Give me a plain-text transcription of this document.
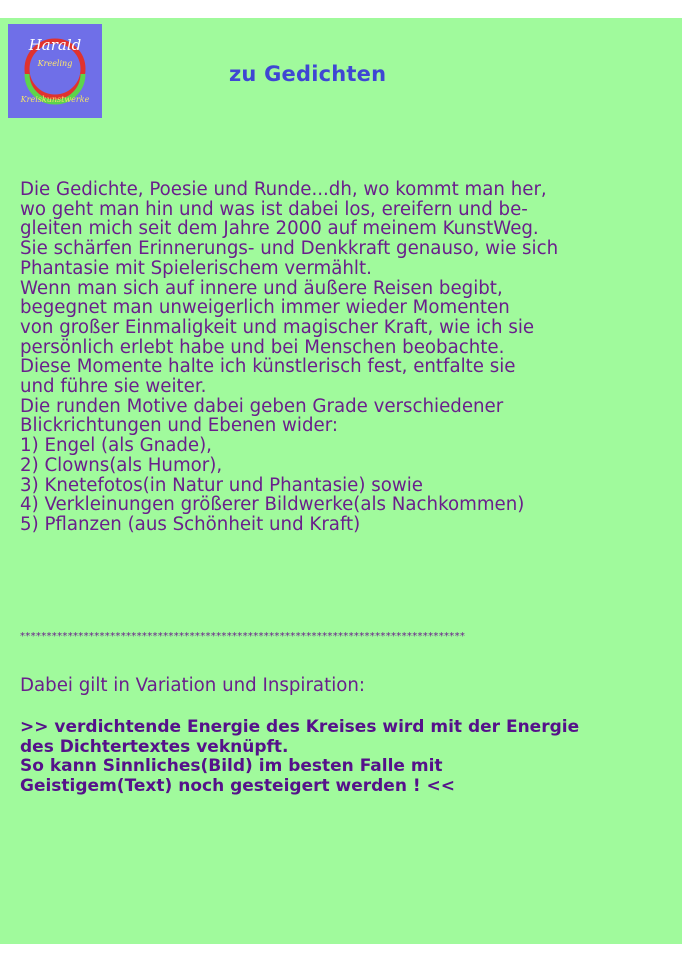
Harald
Kreeling
Kreiskunstwerke
zu Gedichten
Die Gedichte, Poesie und Runde...dh, wo kommt man her,
wo geht man hin und was ist dabei los, ereifern und be-
gleiten mich seit dem Jahre 2000 auf meinem KunstWeg.
Sie schärfen Erinnerungs- und Denkkraft genauso, wie sich
Phantasie mit Spielerischem vermählt.
Wenn man sich auf innere und äußere Reisen begibt,
begegnet man unweigerlich immer wieder Momenten
von großer Einmaligkeit und magischer Kraft, wie ich sie
persönlich erlebt habe und bei Menschen beobachte.
Diese Momente halte ich künstlerisch fest, entfalte sie
und führe sie weiter.
Die runden Motive dabei geben Grade verschiedener
Blickrichtungen und Ebenen wider:
1) Engel (als Gnade),
2) Clowns(als Humor),
3) Knetefotos(in Natur und Phantasie) sowie
4) Verkleinungen größerer Bildwerke(als Nachkommen)
5) Pflanzen (aus Schönheit und Kraft)
************************************************************************************
Dabei gilt in Variation und Inspiration:
>> verdichtende Energie des Kreises wird mit der Energie
des Dichtertextes veknüpft.
So kann Sinnliches(Bild) im besten Falle mit
Geistigem(Text) noch gesteigert werden ! <<
